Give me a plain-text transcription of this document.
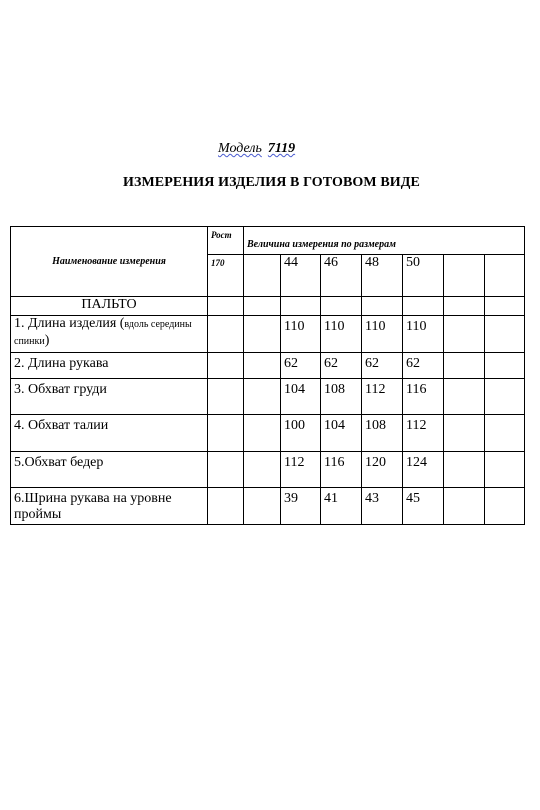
Модель 7119
ИЗМЕРЕНИЯ ИЗДЕЛИЯ В ГОТОВОМ ВИДЕ
Наименование измерения	Рост	Величина измерения по размерам						
	170		44	46	48	50		
ПАЛЬТО								
1. Длина изделия (вдоль середины спинки)			110	110	110	110		
2. Длина рукава			62	62	62	62		
3. Обхват груди			104	108	112	116		
4. Обхват талии			100	104	108	112		
5.Обхват бедер			112	116	120	124		
6.Шрина рукава на уровне проймы			39	41	43	45		
